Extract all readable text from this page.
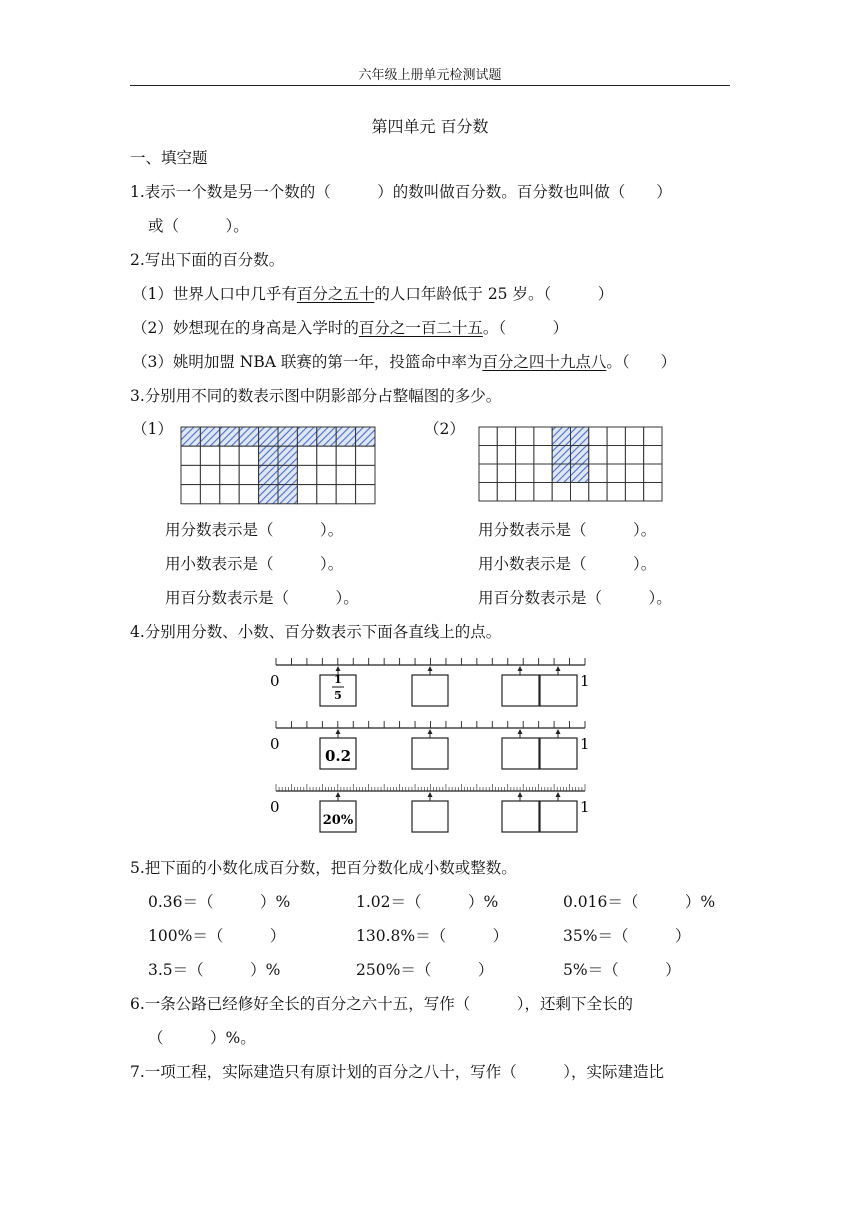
六年级上册单元检测试题
第四单元 百分数
一、填空题
1.表示一个数是另一个数的（　　　）的数叫做百分数。百分数也叫做（　　）
或（　　　）。
2.写出下面的百分数。
（1）世界人口中几乎有百分之五十的人口年龄低于 25 岁。（　　　）
（2）妙想现在的身高是入学时的百分之一百二十五。（　　　）
（3）姚明加盟 NBA 联赛的第一年，投篮命中率为百分之四十九点八。（　　）
3.分别用不同的数表示图中阴影部分占整幅图的多少。
（1）	（2）
用分数表示是（　　　）。	用分数表示是（　　　）。
用小数表示是（　　　）。	用小数表示是（　　　）。
用百分数表示是（　　　）。	用百分数表示是（　　　）。
4.分别用分数、小数、百分数表示下面各直线上的点。
0	1
0	1
0	1
1
5
0.2
20%
5.把下面的小数化成百分数，把百分数化成小数或整数。
0.36＝（　　　）%	1.02＝（　　　）%	0.016＝（　　　）%
100%＝（　　　）	130.8%＝（　　　）	35%＝（　　　）
3.5＝（　　　）%	250%＝（　　　）	5%＝（　　　）
6.一条公路已经修好全长的百分之六十五，写作（　　　），还剩下全长的
（　　　）%。
7.一项工程，实际建造只有原计划的百分之八十，写作（　　　），实际建造比
